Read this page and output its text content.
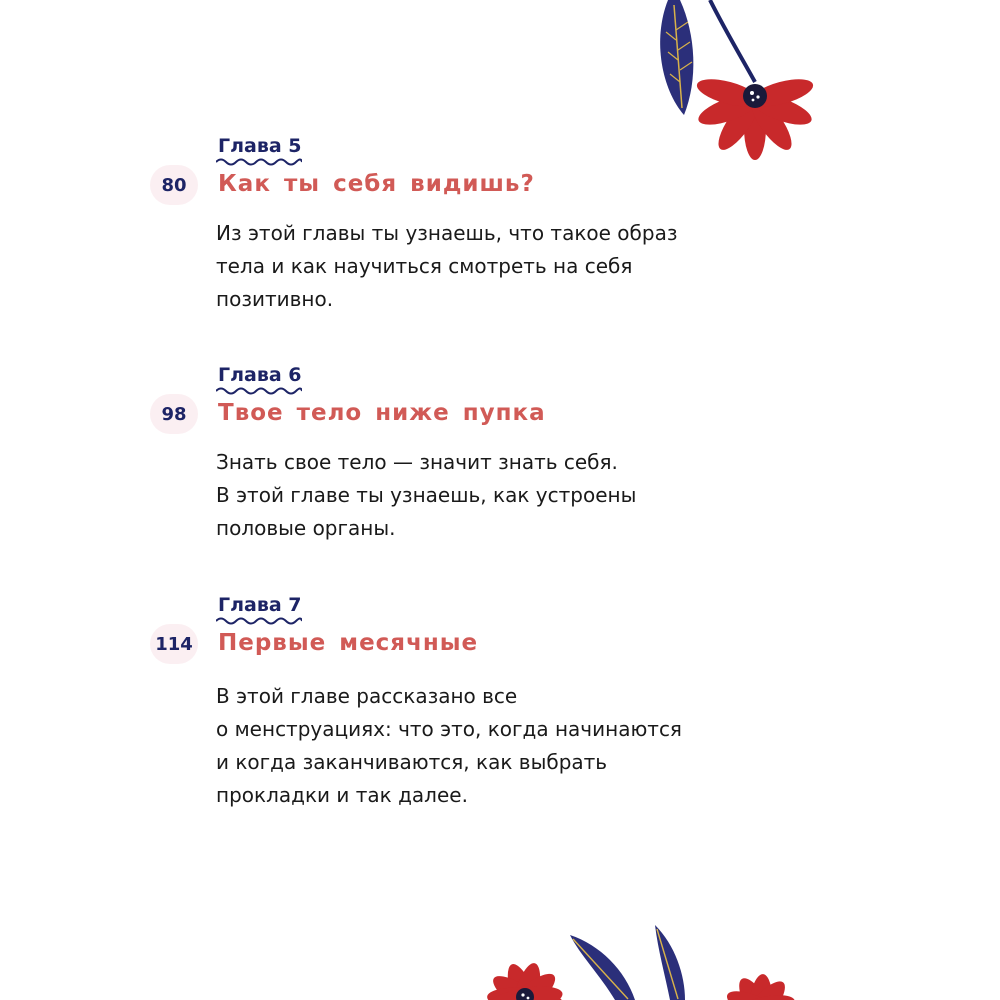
Глава 5
80	Как ты себя видишь?
Из этой главы ты узнаешь, что такое образ
тела и как научиться смотреть на себя
позитивно.
Глава 6
98	Твое тело ниже пупка
Знать свое тело — значит знать себя.
В этой главе ты узнаешь, как устроены
половые органы.
Глава 7
114 Первые месячные
В этой главе рассказано все
о менструациях: что это, когда начинаются
и когда заканчиваются, как выбрать
прокладки и так далее.
